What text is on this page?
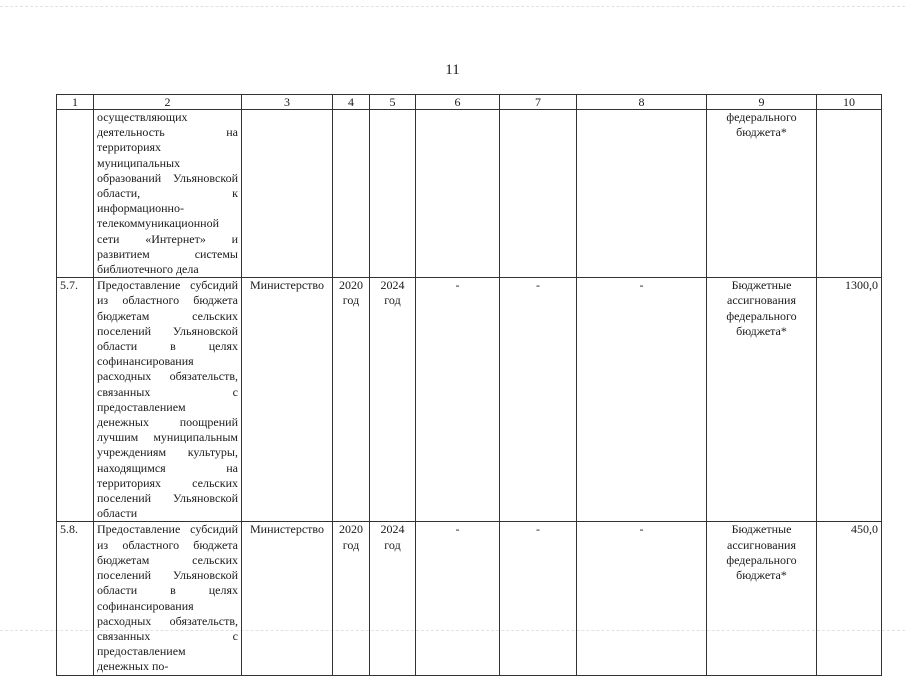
11
1	2	3	4	5	6	7	8	9	10
	осуществляющих деятельность на территориях муниципальных образований Ульяновской области, к информационно-телекоммуникационной сети «Интернет» и развитием системы библиотечного дела							федерального бюджета*	
5.7.	Предоставление субсидий из областного бюджета бюджетам сельских поселений Ульяновской области в целях софинансирования расходных обязательств, связанных с предоставлением денежных поощрений лучшим муниципальным учреждениям культуры, находящимся на территориях сельских поселений Ульяновской области	Министерство	2020 год	2024 год	-	-	-	Бюджетные ассигнования федерального бюджета*	1300,0
5.8.	Предоставление субсидий из областного бюджета бюджетам сельских поселений Ульяновской области в целях софинансирования расходных обязательств, связанных с предоставлением денежных по-	Министерство	2020 год	2024 год	-	-	-	Бюджетные ассигнования федерального бюджета*	450,0
